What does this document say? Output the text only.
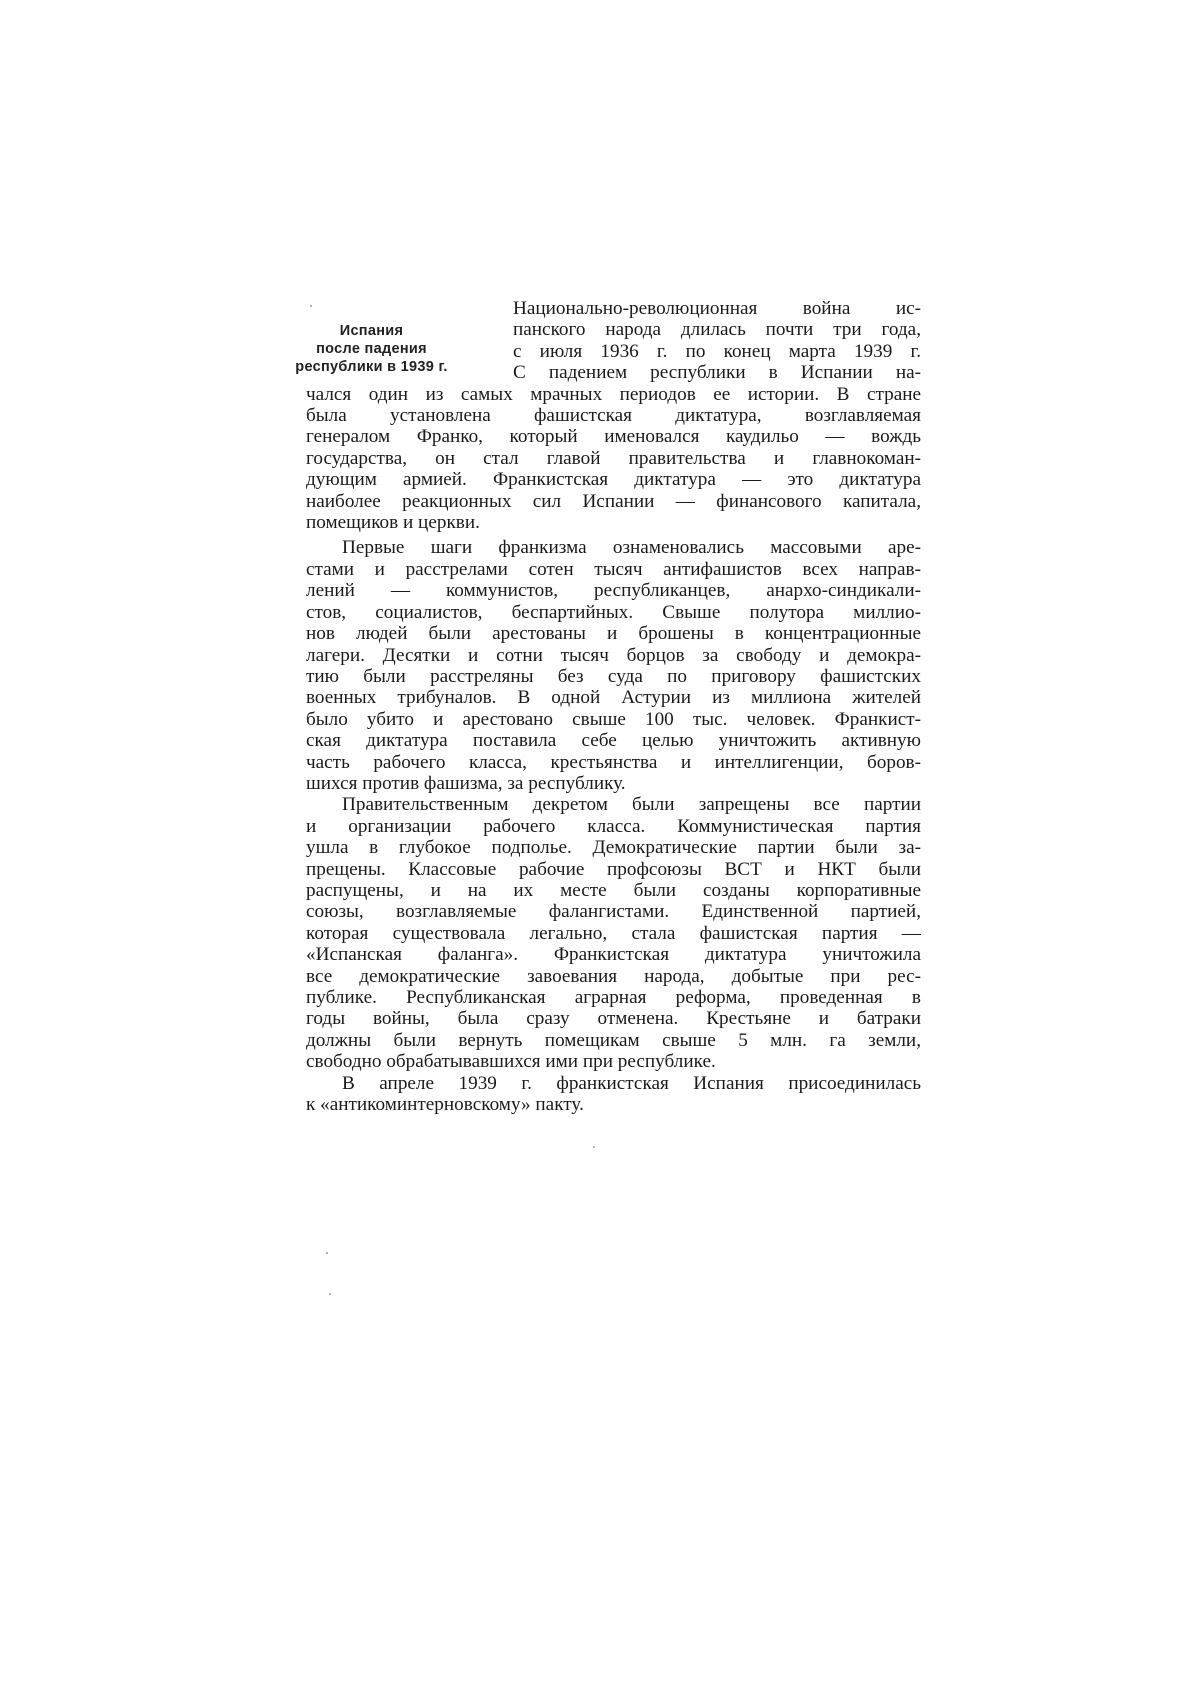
Испания
после падения
республики в 1939 г.

Национально-революционная война ис-
панского народа длилась почти три года,
с июля 1936 г. по конец марта 1939 г.
С падением республики в Испании на-
чался один из самых мрачных периодов ее истории. В стране
была установлена фашистская диктатура, возглавляемая
генералом Франко, который именовался каудильо — вождь
государства, он стал главой правительства и главнокоман-
дующим армией. Франкистская диктатура — это диктатура
наиболее реакционных сил Испании — финансового капитала,
помещиков и церкви.

Первые шаги франкизма ознаменовались массовыми аре-
стами и расстрелами сотен тысяч антифашистов всех направ-
лений — коммунистов, республиканцев, анархо-синдикали-
стов, социалистов, беспартийных. Свыше полутора миллио-
нов людей были арестованы и брошены в концентрационные
лагери. Десятки и сотни тысяч борцов за свободу и демокра-
тию были расстреляны без суда по приговору фашистских
военных трибуналов. В одной Астурии из миллиона жителей
было убито и арестовано свыше 100 тыс. человек. Франкист-
ская диктатура поставила себе целью уничтожить активную
часть рабочего класса, крестьянства и интеллигенции, боров-
шихся против фашизма, за республику.

Правительственным декретом были запрещены все партии
и организации рабочего класса. Коммунистическая партия
ушла в глубокое подполье. Демократические партии были за-
прещены. Классовые рабочие профсоюзы ВСТ и НКТ были
распущены, и на их месте были созданы корпоративные
союзы, возглавляемые фалангистами. Единственной партией,
которая существовала легально, стала фашистская партия —
«Испанская фаланга». Франкистская диктатура уничтожила
все демократические завоевания народа, добытые при рес-
публике. Республиканская аграрная реформа, проведенная в
годы войны, была сразу отменена. Крестьяне и батраки
должны были вернуть помещикам свыше 5 млн. га земли,
свободно обрабатывавшихся ими при республике.

В апреле 1939 г. франкистская Испания присоединилась
к «антикоминтерновскому» пакту.
